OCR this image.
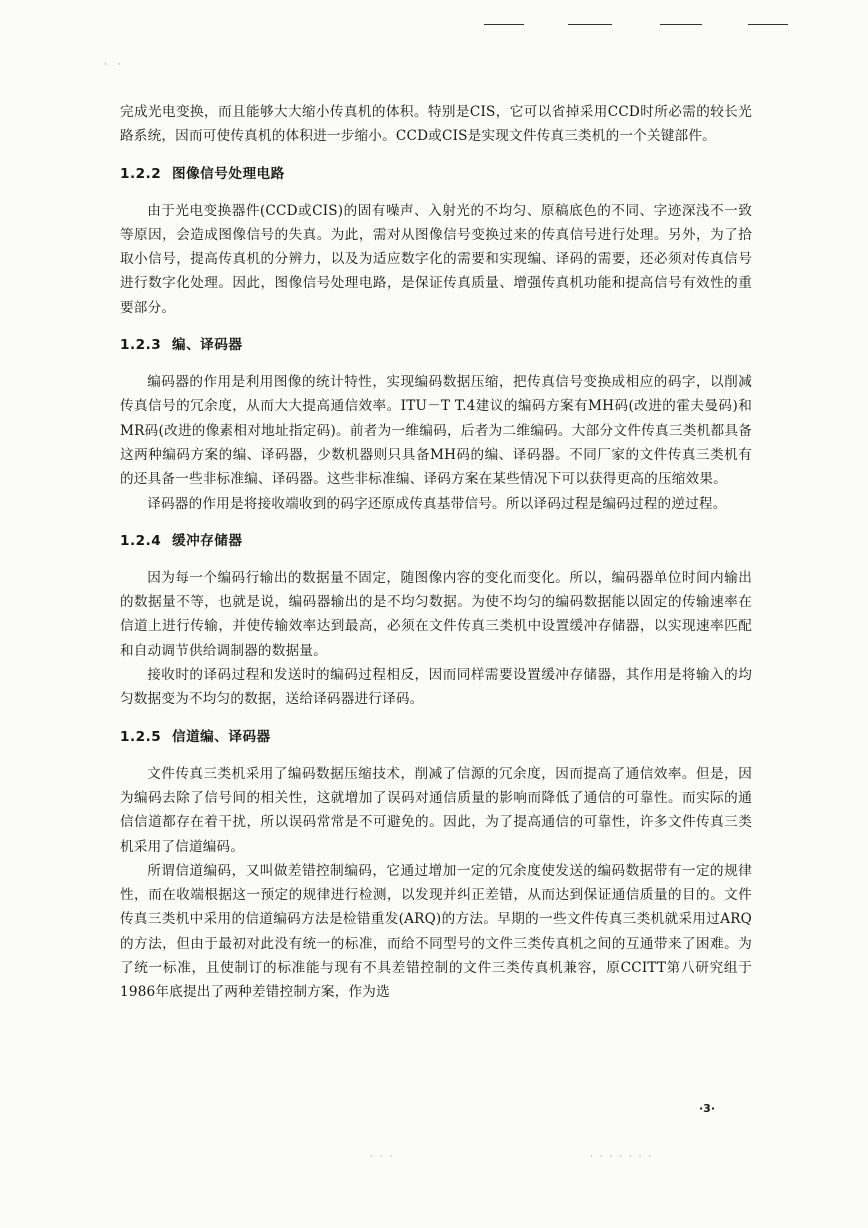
· ·

完成光电变换，而且能够大大缩小传真机的体积。特别是CIS，它可以省掉采用CCD时所必需的较长光路系统，因而可使传真机的体积进一步缩小。CCD或CIS是实现文件传真三类机的一个关键部件。

1.2.2 图像信号处理电路

由于光电变换器件(CCD或CIS)的固有噪声、入射光的不均匀、原稿底色的不同、字迹深浅不一致等原因，会造成图像信号的失真。为此，需对从图像信号变换过来的传真信号进行处理。另外，为了拾取小信号，提高传真机的分辨力，以及为适应数字化的需要和实现编、译码的需要，还必须对传真信号进行数字化处理。因此，图像信号处理电路，是保证传真质量、增强传真机功能和提高信号有效性的重要部分。

1.2.3 编、译码器

编码器的作用是利用图像的统计特性，实现编码数据压缩，把传真信号变换成相应的码字，以削减传真信号的冗余度，从而大大提高通信效率。ITU－T T.4建议的编码方案有MH码(改进的霍夫曼码)和MR码(改进的像素相对地址指定码)。前者为一维编码，后者为二维编码。大部分文件传真三类机都具备这两种编码方案的编、译码器，少数机器则只具备MH码的编、译码器。不同厂家的文件传真三类机有的还具备一些非标准编、译码器。这些非标准编、译码方案在某些情况下可以获得更高的压缩效果。

译码器的作用是将接收端收到的码字还原成传真基带信号。所以译码过程是编码过程的逆过程。

1.2.4 缓冲存储器

因为每一个编码行输出的数据量不固定，随图像内容的变化而变化。所以，编码器单位时间内输出的数据量不等，也就是说，编码器输出的是不均匀数据。为使不均匀的编码数据能以固定的传输速率在信道上进行传输，并使传输效率达到最高，必须在文件传真三类机中设置缓冲存储器，以实现速率匹配和自动调节供给调制器的数据量。

接收时的译码过程和发送时的编码过程相反，因而同样需要设置缓冲存储器，其作用是将输入的均匀数据变为不均匀的数据，送给译码器进行译码。

1.2.5 信道编、译码器

文件传真三类机采用了编码数据压缩技术，削减了信源的冗余度，因而提高了通信效率。但是，因为编码去除了信号间的相关性，这就增加了误码对通信质量的影响而降低了通信的可靠性。而实际的通信信道都存在着干扰，所以误码常常是不可避免的。因此，为了提高通信的可靠性，许多文件传真三类机采用了信道编码。

所谓信道编码，又叫做差错控制编码，它通过增加一定的冗余度使发送的编码数据带有一定的规律性，而在收端根据这一预定的规律进行检测，以发现并纠正差错，从而达到保证通信质量的目的。文件传真三类机中采用的信道编码方法是检错重发(ARQ)的方法。早期的一些文件传真三类机就采用过ARQ的方法，但由于最初对此没有统一的标准，而给不同型号的文件三类传真机之间的互通带来了困难。为了统一标准，且使制订的标准能与现有不具差错控制的文件三类传真机兼容，原CCITT第八研究组于1986年底提出了两种差错控制方案，作为选

·3·
· · ·	· · · · · · ·
